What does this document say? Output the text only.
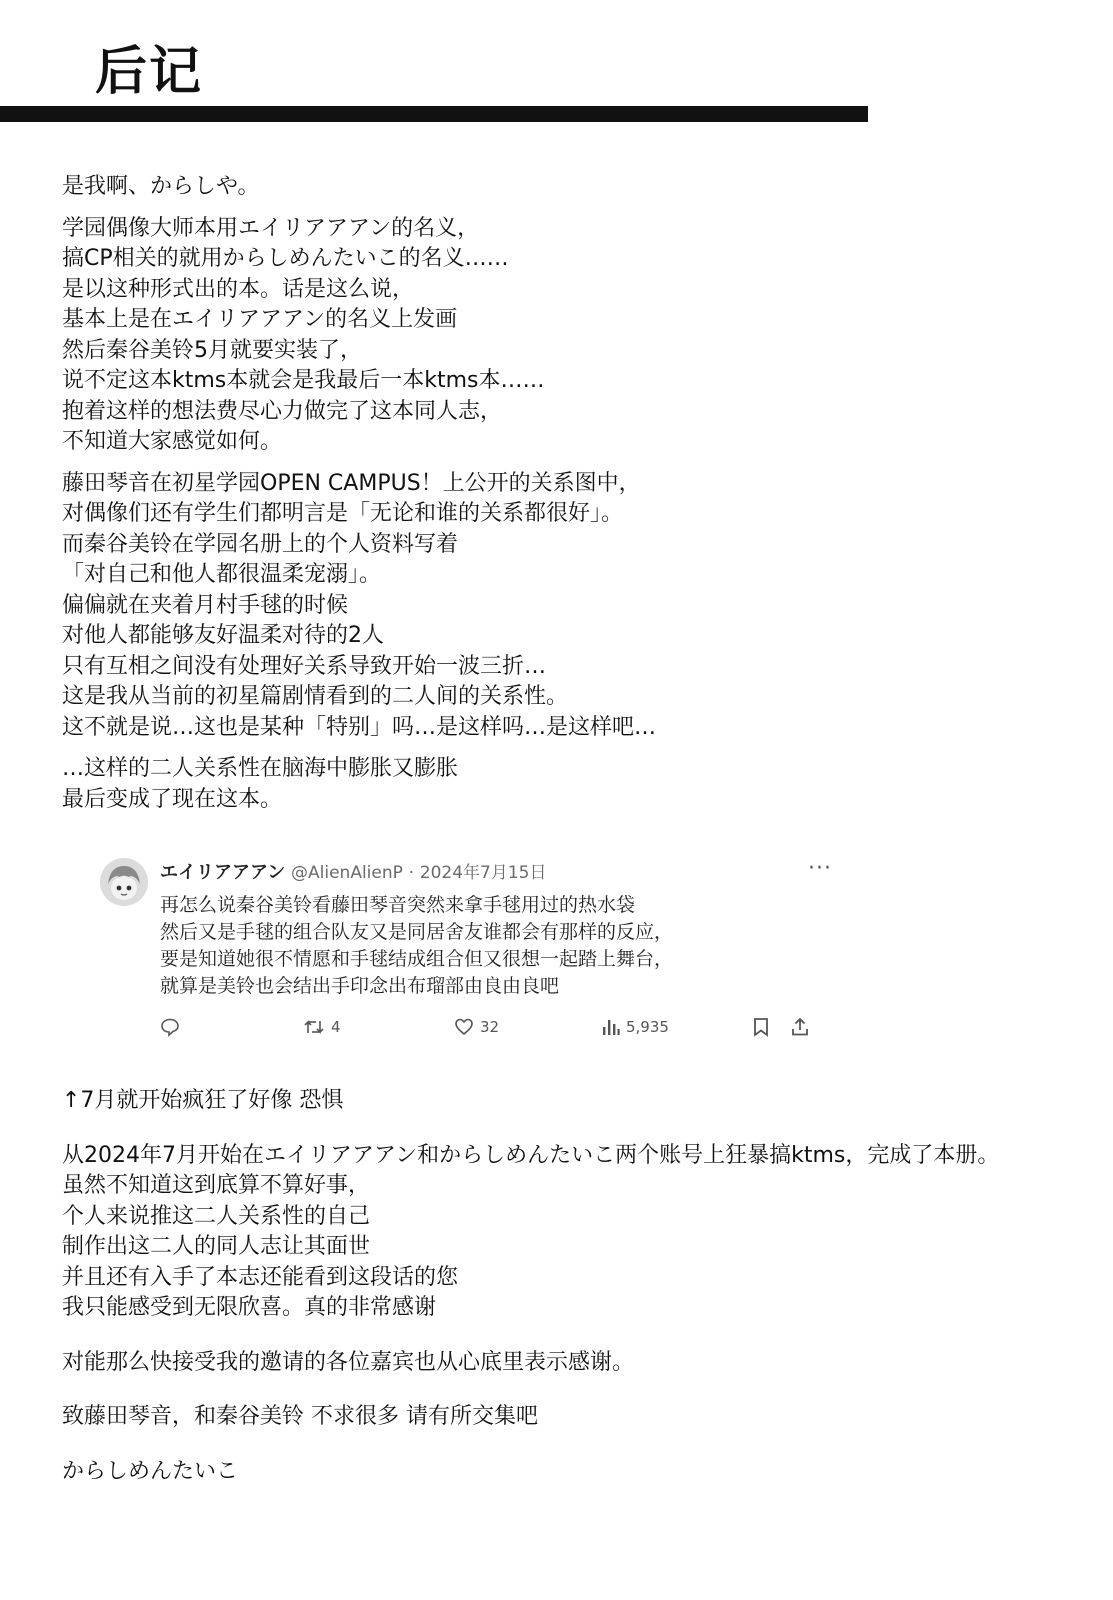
后记

是我啊、からしや。

学园偶像大师本用エイリアアアン的名义，
搞CP相关的就用からしめんたいこ的名义……
是以这种形式出的本。话是这么说，
基本上是在エイリアアアン的名义上发画
然后秦谷美铃5月就要实装了，
说不定这本ktms本就会是我最后一本ktms本……
抱着这样的想法费尽心力做完了这本同人志，
不知道大家感觉如何。

藤田琴音在初星学园OPEN CAMPUS！上公开的关系图中，
对偶像们还有学生们都明言是「无论和谁的关系都很好」。
而秦谷美铃在学园名册上的个人资料写着
「对自己和他人都很温柔宠溺」。
偏偏就在夹着月村手毬的时候
对他人都能够友好温柔对待的2人
只有互相之间没有处理好关系导致开始一波三折…
这是我从当前的初星篇剧情看到的二人间的关系性。
这不就是说…这也是某种「特别」吗…是这样吗…是这样吧…

…这样的二人关系性在脑海中膨胀又膨胀
最后变成了现在这本。

エイリアアアン @AlienAlienP · 2024年7月15日	···
再怎么说秦谷美铃看藤田琴音突然来拿手毬用过的热水袋
然后又是手毬的组合队友又是同居舍友谁都会有那样的反应，
要是知道她很不情愿和手毬结成组合但又很想一起踏上舞台，
就算是美铃也会结出手印念出布瑠部由良由良吧
4	32	5,935

↑7月就开始疯狂了好像 恐惧

从2024年7月开始在エイリアアアン和からしめんたいこ两个账号上狂暴搞ktms，完成了本册。
虽然不知道这到底算不算好事，
个人来说推这二人关系性的自己
制作出这二人的同人志让其面世
并且还有入手了本志还能看到这段话的您
我只能感受到无限欣喜。真的非常感谢

对能那么快接受我的邀请的各位嘉宾也从心底里表示感谢。

致藤田琴音，和秦谷美铃 不求很多 请有所交集吧

からしめんたいこ
